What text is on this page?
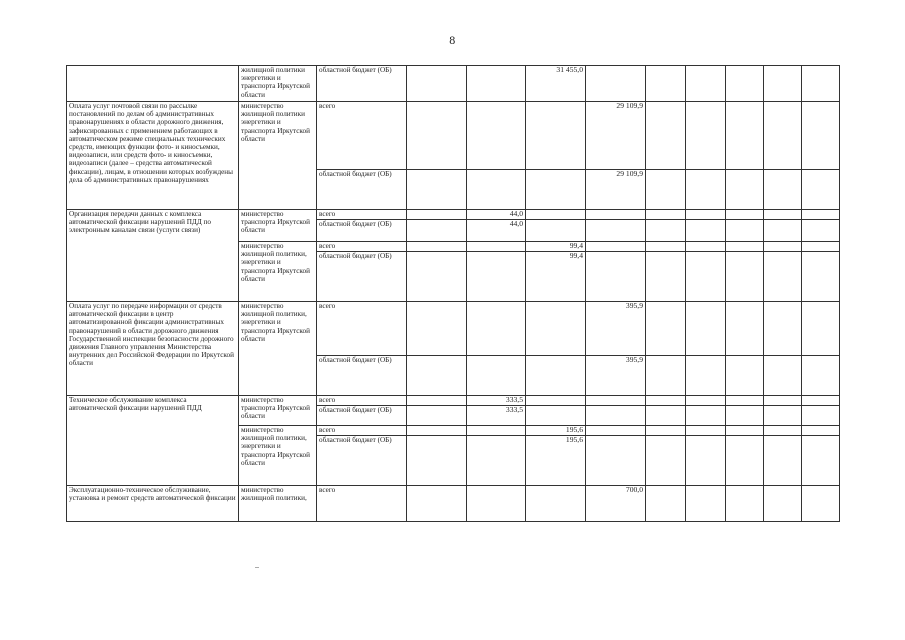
8
	жилищной политики энергетики и транспорта Иркутской области	областной бюджет (ОБ)			31 455,0						
Оплата услуг почтовой связи по рассылке постановлений по делам об административных правонарушениях в области дорожного движения, зафиксированных с применением работающих в автоматическом режиме специальных технических средств, имеющих функции фото- и киносъемки, видеозаписи, или средств фото- и киносъемки, видеозаписи (далее – средства автоматической фиксации), лицам, в отношении которых возбуждены дела об административных правонарушениях	министерство жилищной политики энергетики и транспорта Иркутской области	всего				29 109,9					
		областной бюджет (ОБ)				29 109,9					
Организация передачи данных с комплекса автоматической фиксации нарушений ПДД по электронным каналам связи (услуги связи)	министерство транспорта Иркутской области	всего		44,0							
		областной бюджет (ОБ)		44,0							
	министерство жилищной политики, энергетики и транспорта Иркутской области	всего			99,4						
		областной бюджет (ОБ)			99,4						
Оплата услуг по передаче информации от средств автоматической фиксации в центр автоматизированной фиксации административных правонарушений в области дорожного движения Государственной инспекции безопасности дорожного движения Главного управления Министерства внутренних дел Российской Федерации по Иркутской области	министерство жилищной политики, энергетики и транспорта Иркутской области	всего				395,9					
		областной бюджет (ОБ)				395,9					
Техническое обслуживание комплекса автоматической фиксации нарушений ПДД	министерство транспорта Иркутской области	всего		333,5							
		областной бюджет (ОБ)		333,5							
	министерство жилищной политики, энергетики и транспорта Иркутской области	всего			195,6						
		областной бюджет (ОБ)			195,6						
Эксплуатационно-техническое обслуживание, установка и ремонт средств автоматической фиксации	министерство жилищной политики,	всего				700,0					
